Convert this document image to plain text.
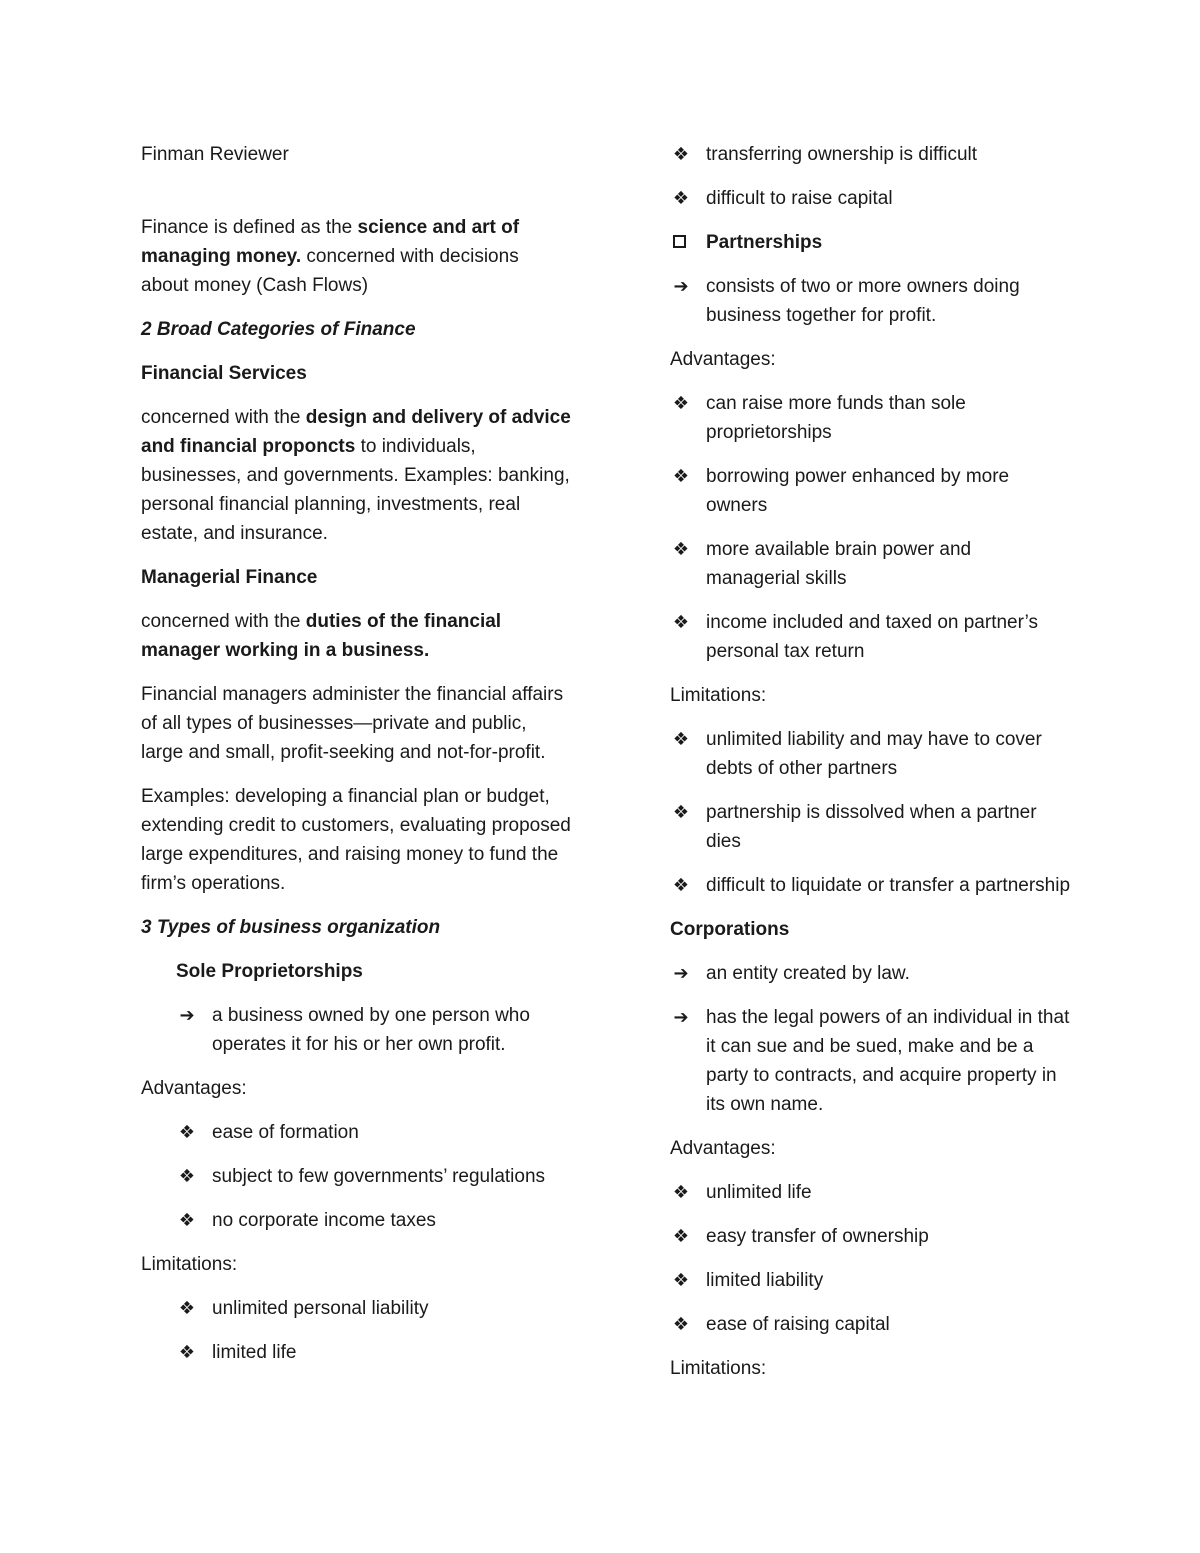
Finman Reviewer

Finance is defined as the science and art of managing money. concerned with decisions about money (Cash Flows)

2 Broad Categories of Finance

Financial Services

concerned with the design and delivery of advice and financial proponcts to individuals, businesses, and governments. Examples: banking, personal financial planning, investments, real estate, and insurance.

Managerial Finance

concerned with the duties of the financial manager working in a business.

Financial managers administer the financial affairs of all types of businesses—private and public, large and small, profit-seeking and not-for-profit.

Examples: developing a financial plan or budget, extending credit to customers, evaluating proposed large expenditures, and raising money to fund the firm’s operations.

3 Types of business organization

Sole Proprietorships

➔ a business owned by one person who operates it for his or her own profit.

Advantages:

❖ ease of formation
❖ subject to few governments’ regulations
❖ no corporate income taxes

Limitations:

❖ unlimited personal liability
❖ limited life
❖ transferring ownership is difficult
❖ difficult to raise capital
Partnerships
➔ consists of two or more owners doing business together for profit.

Advantages:

❖ can raise more funds than sole proprietorships
❖ borrowing power enhanced by more owners
❖ more available brain power and managerial skills
❖ income included and taxed on partner’s personal tax return

Limitations:

❖ unlimited liability and may have to cover debts of other partners
❖ partnership is dissolved when a partner dies
❖ difficult to liquidate or transfer a partnership

Corporations

➔ an entity created by law.
➔ has the legal powers of an individual in that it can sue and be sued, make and be a party to contracts, and acquire property in its own name.

Advantages:

❖ unlimited life
❖ easy transfer of ownership
❖ limited liability
❖ ease of raising capital

Limitations:
